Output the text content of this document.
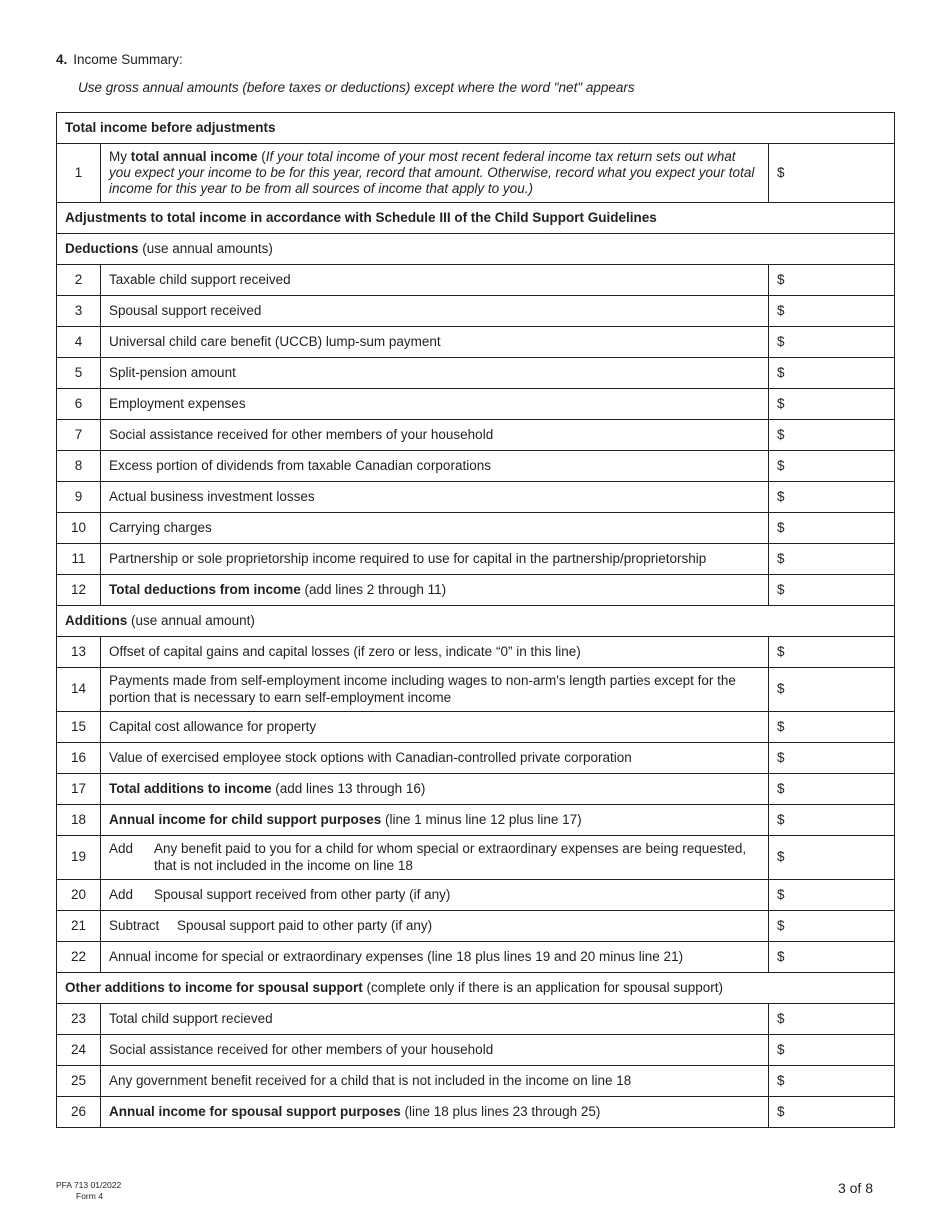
4. Income Summary:
Use gross annual amounts (before taxes or deductions) except where the word "net" appears
Total income before adjustments		
1	My total annual income (If your total income of your most recent federal income tax return sets out what you expect your income to be for this year, record that amount. Otherwise, record what you expect your total income for this year to be from all sources of income that apply to you.)	$
Adjustments to total income in accordance with Schedule III of the Child Support Guidelines		
Deductions (use annual amounts)		
2	Taxable child support received	$
3	Spousal support received	$
4	Universal child care benefit (UCCB) lump-sum payment	$
5	Split-pension amount	$
6	Employment expenses	$
7	Social assistance received for other members of your household	$
8	Excess portion of dividends from taxable Canadian corporations	$
9	Actual business investment losses	$
10	Carrying charges	$
11	Partnership or sole proprietorship income required to use for capital in the partnership/proprietorship	$
12	Total deductions from income (add lines 2 through 11)	$
Additions (use annual amount)		
13	Offset of capital gains and capital losses (if zero or less, indicate “0” in this line)	$
14	Payments made from self-employment income including wages to non-arm's length parties except for the portion that is necessary to earn self-employment income	$
15	Capital cost allowance for property	$
16	Value of exercised employee stock options with Canadian-controlled private corporation	$
17	Total additions to income (add lines 13 through 16)	$
18	Annual income for child support purposes (line 1 minus line 12 plus line 17)	$
19	Add Any benefit paid to you for a child for whom special or extraordinary expenses are being requested, that is not included in the income on line 18	$
20	Add Spousal support received from other party (if any)	$
21	Subtract Spousal support paid to other party (if any)	$
22	Annual income for special or extraordinary expenses (line 18 plus lines 19 and 20 minus line 21)	$
Other additions to income for spousal support (complete only if there is an application for spousal support)		
23	Total child support recieved	$
24	Social assistance received for other members of your household	$
25	Any government benefit received for a child that is not included in the income on line 18	$
26	Annual income for spousal support purposes (line 18 plus lines 23 through 25)	$
PFA 713 01/2022
Form 4	3 of 8
